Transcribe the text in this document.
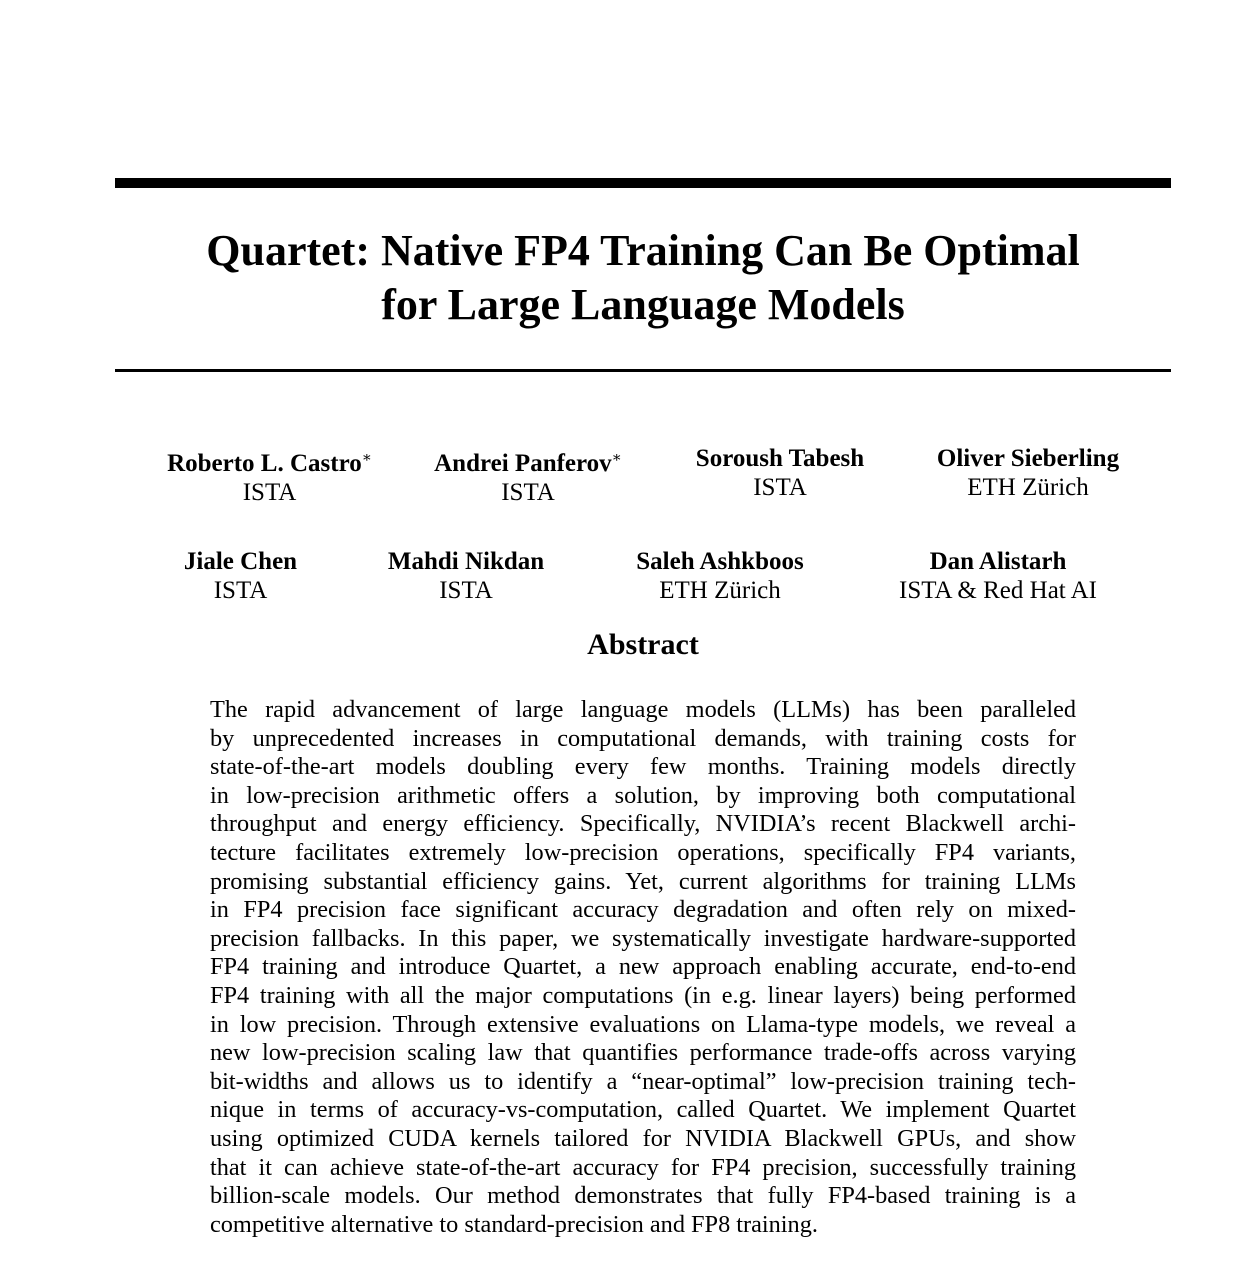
Quartet: Native FP4 Training Can Be Optimal
for Large Language Models
Roberto L. Castro∗
ISTA
Andrei Panferov∗
ISTA
Soroush Tabesh
ISTA
Oliver Sieberling
ETH Zürich
Jiale Chen
ISTA
Mahdi Nikdan
ISTA
Saleh Ashkboos
ETH Zürich
Dan Alistarh
ISTA & Red Hat AI
Abstract
The rapid advancement of large language models (LLMs) has been paralleled
by unprecedented increases in computational demands, with training costs for
state-of-the-art models doubling every few months. Training models directly
in low-precision arithmetic offers a solution, by improving both computational
throughput and energy efficiency. Specifically, NVIDIA’s recent Blackwell archi-
tecture facilitates extremely low-precision operations, specifically FP4 variants,
promising substantial efficiency gains. Yet, current algorithms for training LLMs
in FP4 precision face significant accuracy degradation and often rely on mixed-
precision fallbacks. In this paper, we systematically investigate hardware-supported
FP4 training and introduce Quartet, a new approach enabling accurate, end-to-end
FP4 training with all the major computations (in e.g. linear layers) being performed
in low precision. Through extensive evaluations on Llama-type models, we reveal a
new low-precision scaling law that quantifies performance trade-offs across varying
bit-widths and allows us to identify a “near-optimal” low-precision training tech-
nique in terms of accuracy-vs-computation, called Quartet. We implement Quartet
using optimized CUDA kernels tailored for NVIDIA Blackwell GPUs, and show
that it can achieve state-of-the-art accuracy for FP4 precision, successfully training
billion-scale models. Our method demonstrates that fully FP4-based training is a
competitive alternative to standard-precision and FP8 training.
